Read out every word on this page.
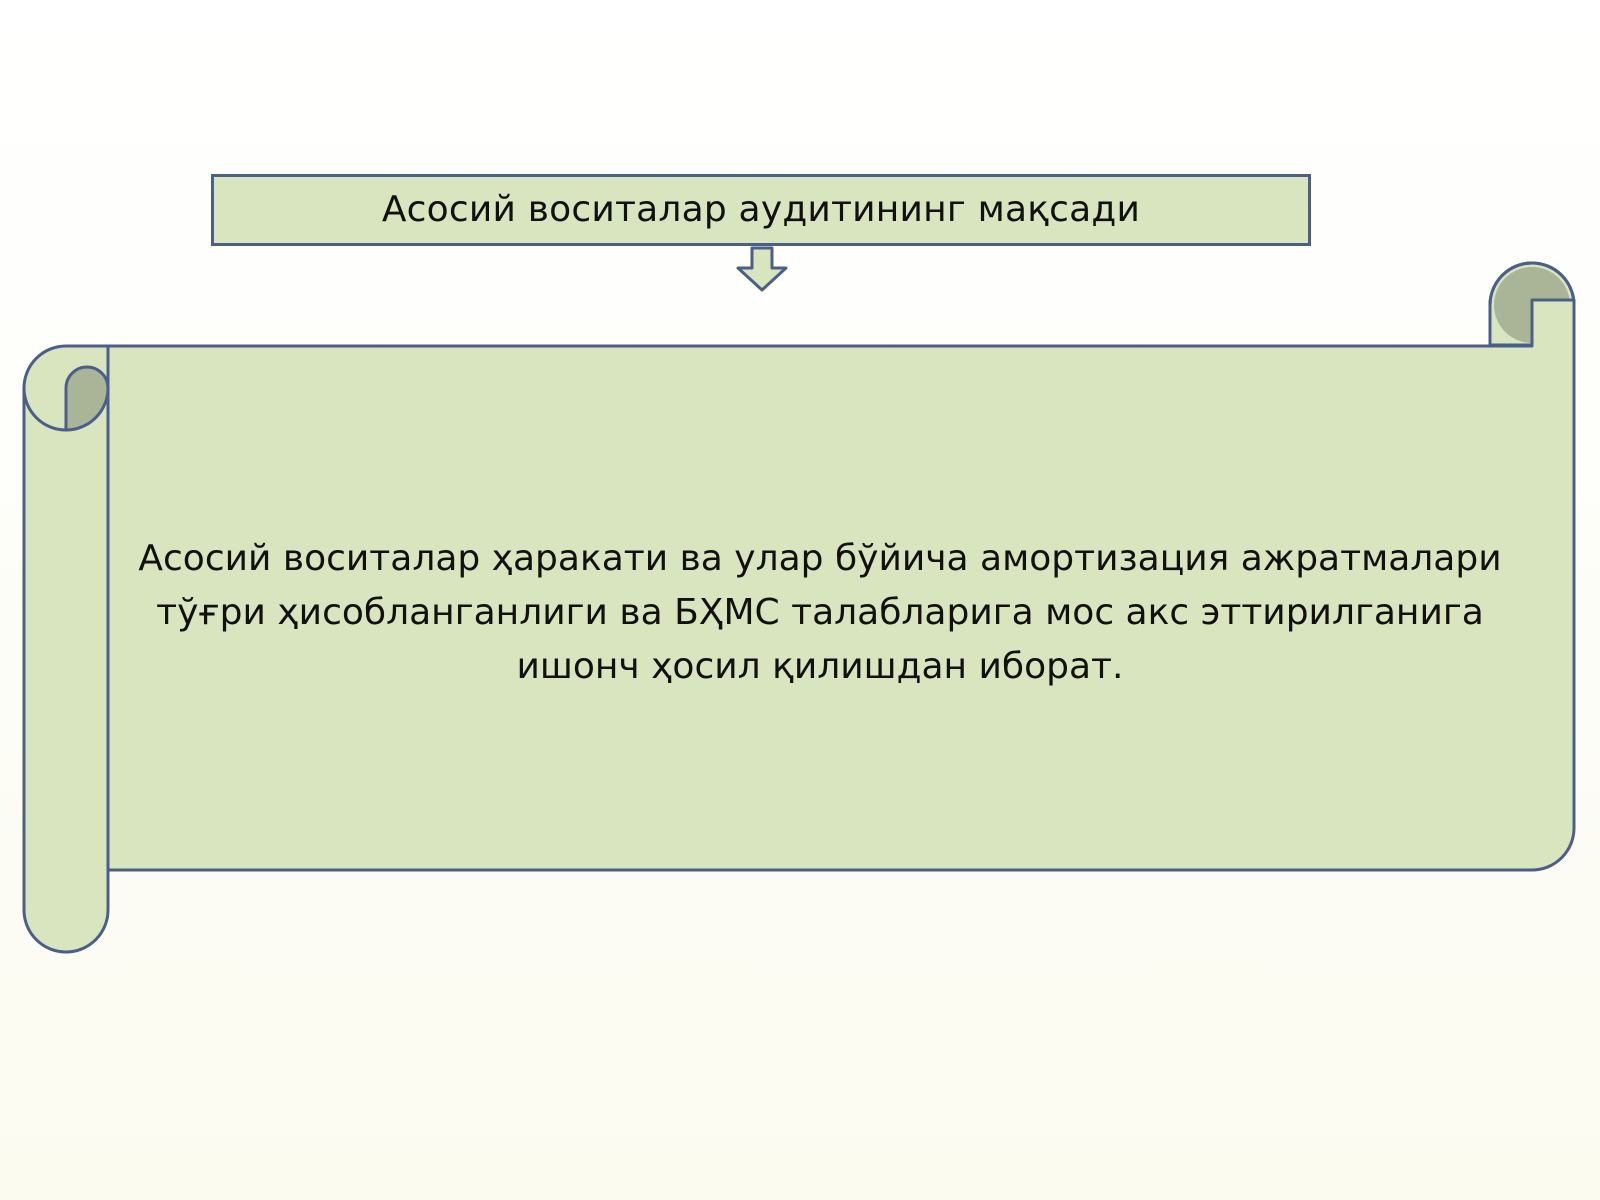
Асосий воситалар аудитининг мақсади
Асосий воситалар ҳаракати ва улар бўйича амортизация ажратмалари тўғри ҳисобланганлиги ва БҲМС талабларига мос акс эттирилганига ишонч ҳосил қилишдан иборат.
